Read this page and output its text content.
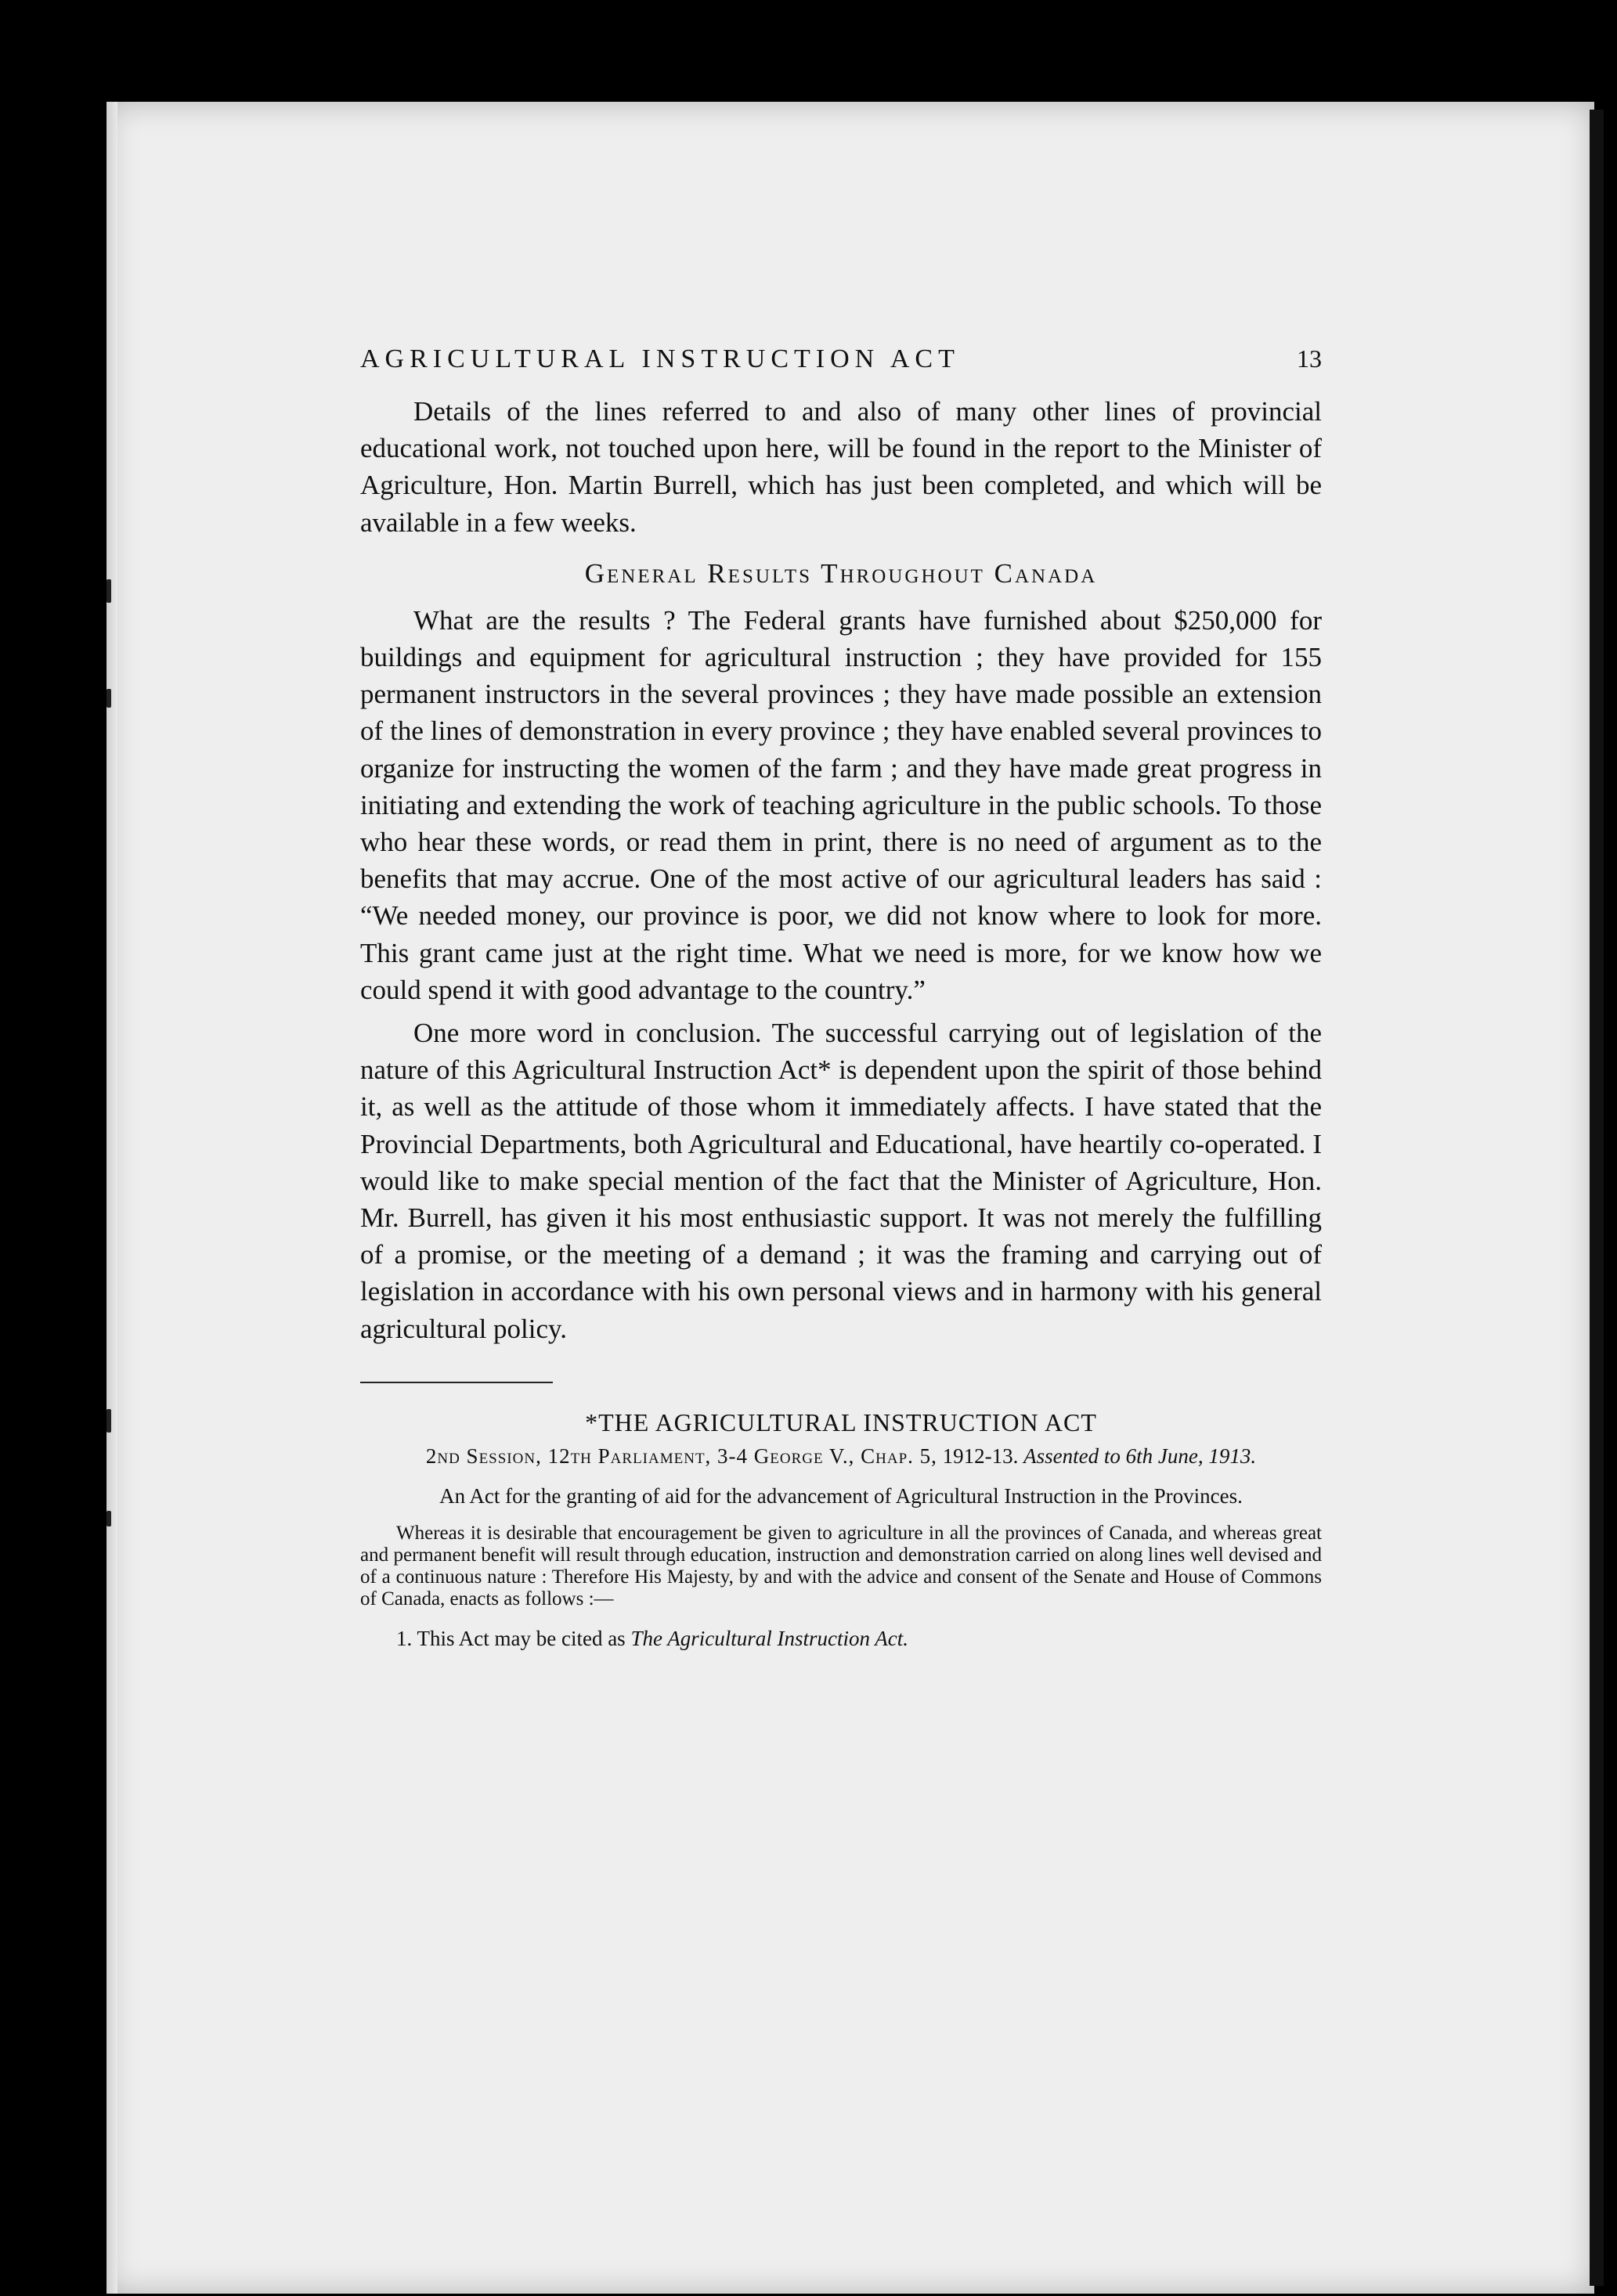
AGRICULTURAL INSTRUCTION ACT	13

Details of the lines referred to and also of many other lines of provincial educational work, not touched upon here, will be found in the report to the Minister of Agriculture, Hon. Martin Burrell, which has just been completed, and which will be available in a few weeks.

General Results Throughout Canada

What are the results ? The Federal grants have furnished about $250,000 for buildings and equipment for agricultural instruction ; they have provided for 155 permanent instructors in the several provinces ; they have made possible an extension of the lines of demonstration in every province ; they have enabled several provinces to organize for instructing the women of the farm ; and they have made great progress in initiating and extending the work of teaching agriculture in the public schools. To those who hear these words, or read them in print, there is no need of argument as to the benefits that may accrue. One of the most active of our agricultural leaders has said : “We needed money, our province is poor, we did not know where to look for more. This grant came just at the right time. What we need is more, for we know how we could spend it with good advantage to the country.”

One more word in conclusion. The successful carrying out of legislation of the nature of this Agricultural Instruction Act* is dependent upon the spirit of those behind it, as well as the attitude of those whom it immediately affects. I have stated that the Provincial Departments, both Agricultural and Educational, have heartily co-operated. I would like to make special mention of the fact that the Minister of Agriculture, Hon. Mr. Burrell, has given it his most enthusiastic support. It was not merely the fulfilling of a promise, or the meeting of a demand ; it was the framing and carrying out of legislation in accordance with his own personal views and in harmony with his general agricultural policy.

*THE AGRICULTURAL INSTRUCTION ACT
2nd Session, 12th Parliament, 3-4 George V., Chap. 5, 1912-13. Assented to 6th June, 1913.
An Act for the granting of aid for the advancement of Agricultural Instruction in the Provinces.
Whereas it is desirable that encouragement be given to agriculture in all the provinces of Canada, and whereas great and permanent benefit will result through education, instruction and demonstration carried on along lines well devised and of a continuous nature : Therefore His Majesty, by and with the advice and consent of the Senate and House of Commons of Canada, enacts as follows :—
1. This Act may be cited as The Agricultural Instruction Act.
